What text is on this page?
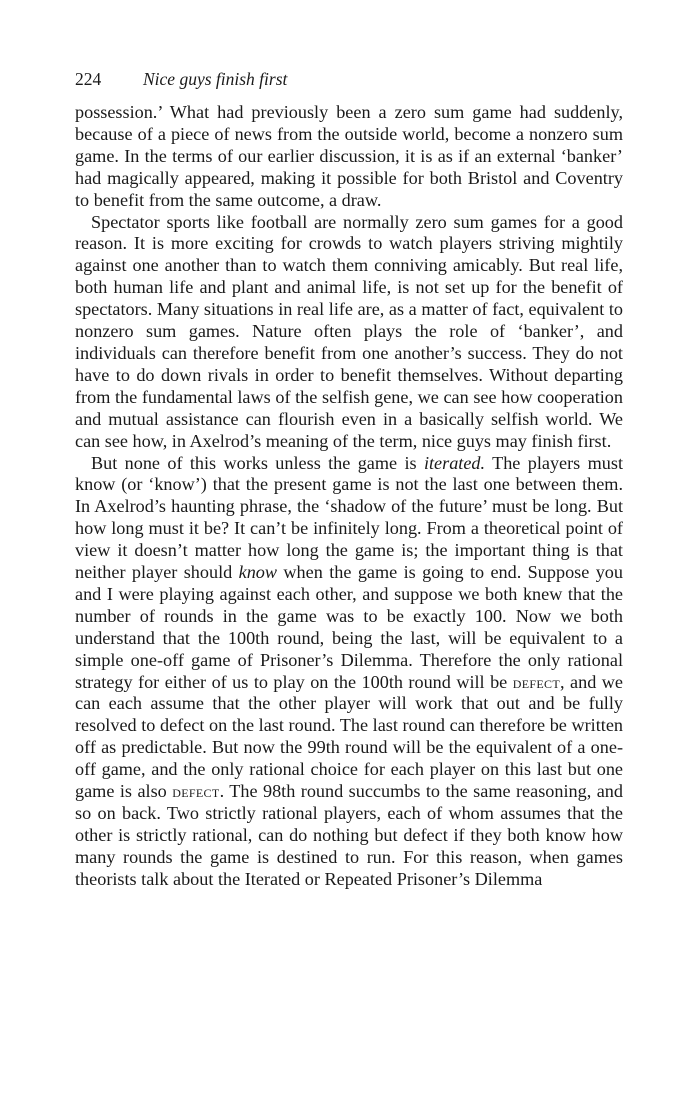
224 Nice guys finish first

possession.’ What had previously been a zero sum game had suddenly, because of a piece of news from the outside world, become a nonzero sum game. In the terms of our earlier discussion, it is as if an external ‘banker’ had magically appeared, making it possible for both Bristol and Coventry to benefit from the same outcome, a draw.

Spectator sports like football are normally zero sum games for a good reason. It is more exciting for crowds to watch players striving mightily against one another than to watch them conniving amicably. But real life, both human life and plant and animal life, is not set up for the benefit of spectators. Many situations in real life are, as a matter of fact, equivalent to nonzero sum games. Nature often plays the role of ‘banker’, and individuals can therefore benefit from one another’s success. They do not have to do down rivals in order to benefit themselves. Without departing from the fundamental laws of the selfish gene, we can see how cooperation and mutual assistance can flourish even in a basically selfish world. We can see how, in Axelrod’s meaning of the term, nice guys may finish first.

But none of this works unless the game is iterated. The players must know (or ‘know’) that the present game is not the last one between them. In Axelrod’s haunting phrase, the ‘shadow of the future’ must be long. But how long must it be? It can’t be infinitely long. From a theoretical point of view it doesn’t matter how long the game is; the important thing is that neither player should know when the game is going to end. Suppose you and I were playing against each other, and suppose we both knew that the number of rounds in the game was to be exactly 100. Now we both understand that the 100th round, being the last, will be equivalent to a simple one-off game of Prisoner’s Dilemma. Therefore the only rational strategy for either of us to play on the 100th round will be defect, and we can each assume that the other player will work that out and be fully resolved to defect on the last round. The last round can therefore be written off as predictable. But now the 99th round will be the equivalent of a one-off game, and the only rational choice for each player on this last but one game is also defect. The 98th round succumbs to the same reasoning, and so on back. Two strictly rational players, each of whom assumes that the other is strictly rational, can do nothing but defect if they both know how many rounds the game is destined to run. For this reason, when games theorists talk about the Iterated or Repeated Prisoner’s Dilemma
